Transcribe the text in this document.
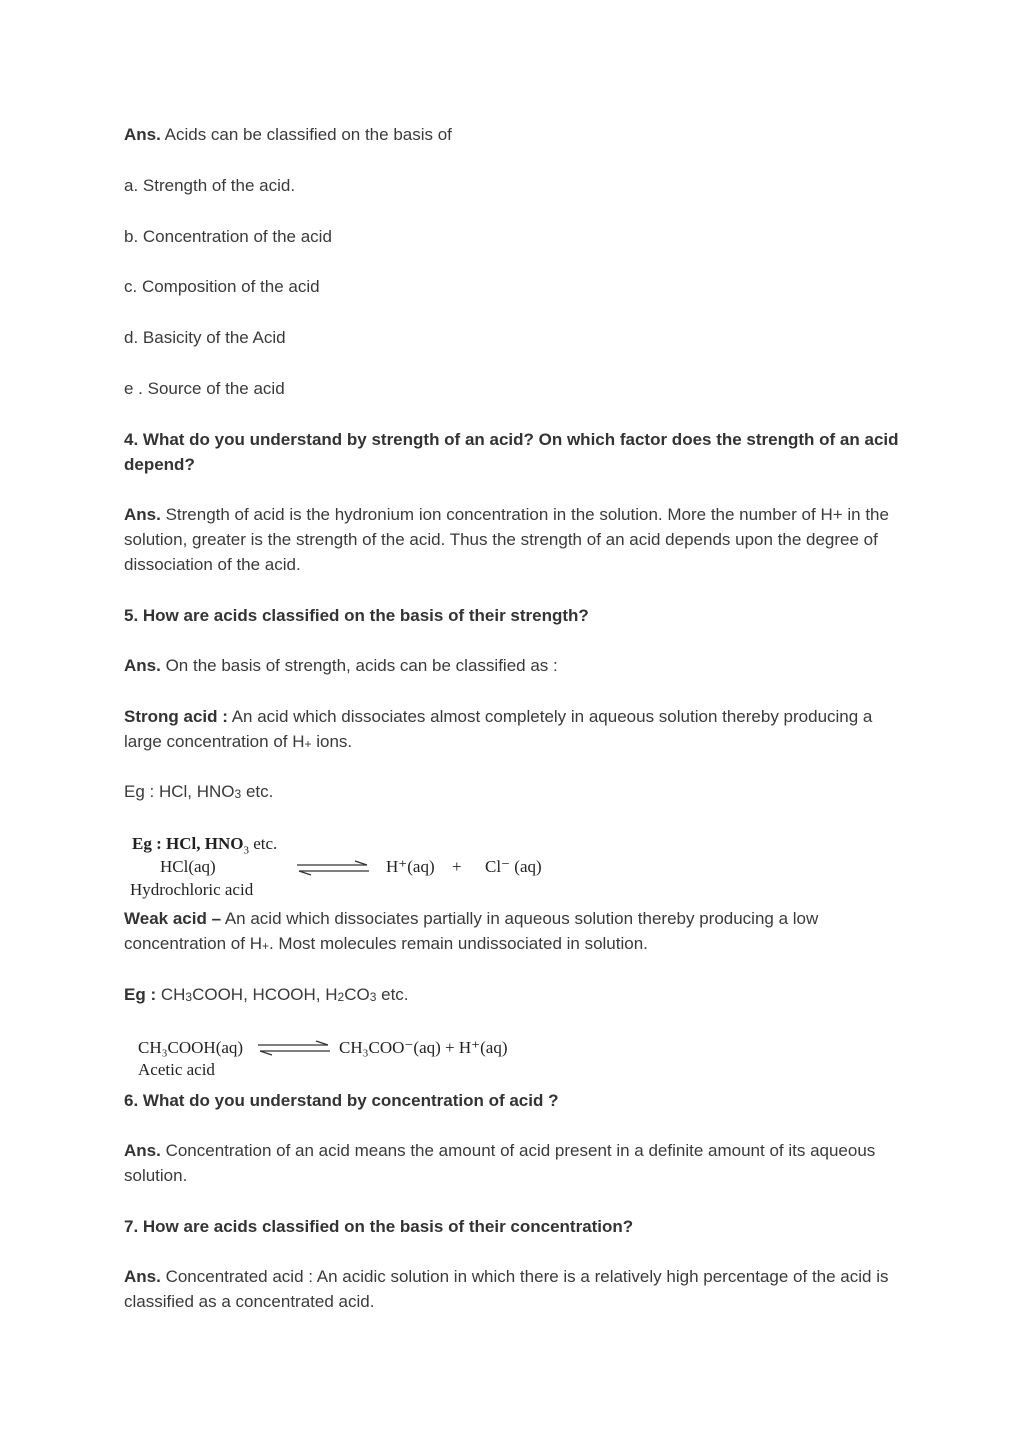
Ans. Acids can be classified on the basis of

a. Strength of the acid.

b. Concentration of the acid

c. Composition of the acid

d. Basicity of the Acid

e . Source of the acid

4. What do you understand by strength of an acid? On which factor does the strength of an acid depend?

Ans. Strength of acid is the hydronium ion concentration in the solution. More the number of H+ in the solution, greater is the strength of the acid. Thus the strength of an acid depends upon the degree of dissociation of the acid.

5. How are acids classified on the basis of their strength?

Ans. On the basis of strength, acids can be classified as :

Strong acid : An acid which dissociates almost completely in aqueous solution thereby producing a large concentration of $H_+$ ions.

Eg : HCl, $HNO_3$ etc.

Eg : HCl, $HNO_3$ etc.
HCl(aq)	H⁺(aq) + Cl⁻ (aq)
Hydrochloric acid

Weak acid – An acid which dissociates partially in aqueous solution thereby producing a low concentration of $H_+$. Most molecules remain undissociated in solution.

Eg : $CH_3COOH$, HCOOH, $H_2CO_3$ etc.

CH₃COOH(aq)	CH₃COO⁻(aq) + H⁺(aq)
Acetic acid

6. What do you understand by concentration of acid ?

Ans. Concentration of an acid means the amount of acid present in a definite amount of its aqueous solution.

7. How are acids classified on the basis of their concentration?

Ans. Concentrated acid : An acidic solution in which there is a relatively high percentage of the acid is classified as a concentrated acid.
